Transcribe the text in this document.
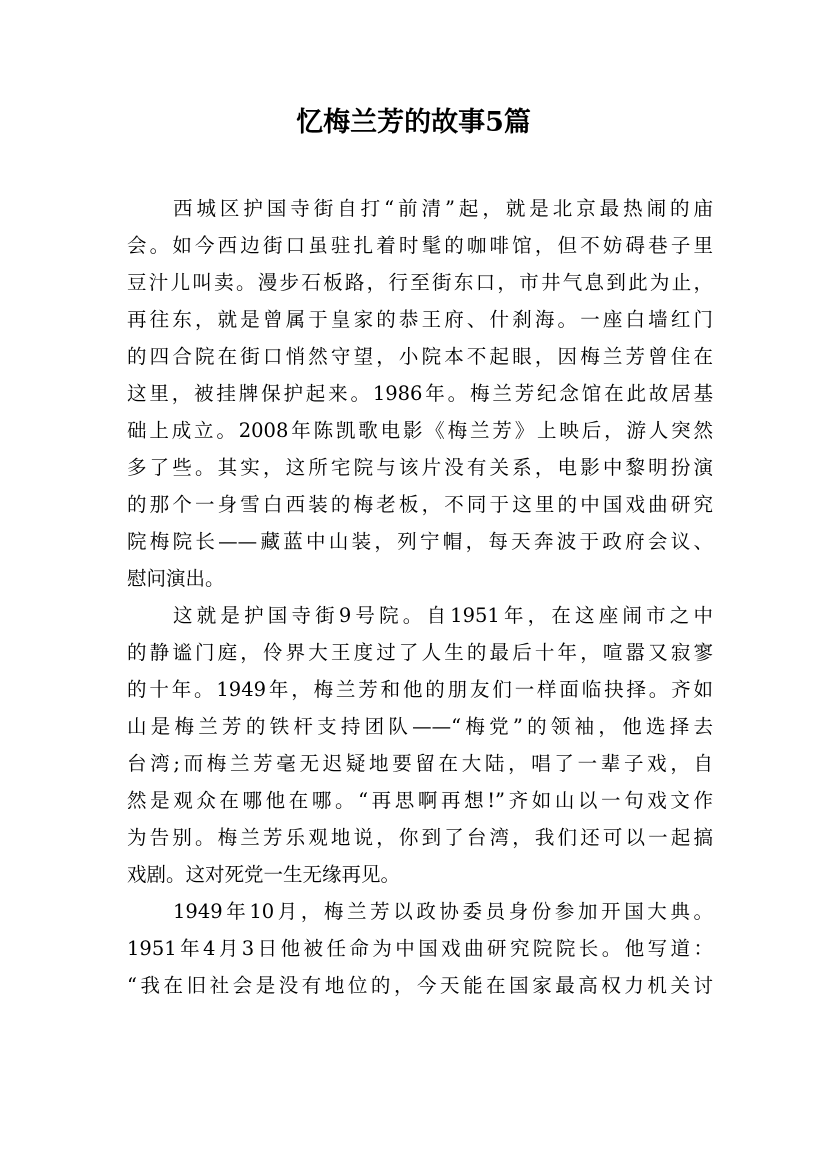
忆梅兰芳的故事5篇
西城区护国寺街自打“前清”起，就是北京最热闹的庙
会。如今西边街口虽驻扎着时髦的咖啡馆，但不妨碍巷子里
豆汁儿叫卖。漫步石板路，行至街东口，市井气息到此为止，
再往东，就是曾属于皇家的恭王府、什刹海。一座白墙红门
的四合院在街口悄然守望，小院本不起眼，因梅兰芳曾住在
这里，被挂牌保护起来。1986年。梅兰芳纪念馆在此故居基
础上成立。2008年陈凯歌电影《梅兰芳》上映后，游人突然
多了些。其实，这所宅院与该片没有关系，电影中黎明扮演
的那个一身雪白西装的梅老板，不同于这里的中国戏曲研究
院梅院长——藏蓝中山装，列宁帽，每天奔波于政府会议、
慰问演出。
这就是护国寺街9号院。自1951年，在这座闹市之中
的静谧门庭，伶界大王度过了人生的最后十年，喧嚣又寂寥
的十年。1949年，梅兰芳和他的朋友们一样面临抉择。齐如
山是梅兰芳的铁杆支持团队——“梅党”的领袖，他选择去
台湾;而梅兰芳毫无迟疑地要留在大陆，唱了一辈子戏，自
然是观众在哪他在哪。“再思啊再想!”齐如山以一句戏文作
为告别。梅兰芳乐观地说，你到了台湾，我们还可以一起搞
戏剧。这对死党一生无缘再见。
1949年10月，梅兰芳以政协委员身份参加开国大典。
1951年4月3日他被任命为中国戏曲研究院院长。他写道：
“我在旧社会是没有地位的，今天能在国家最高权力机关讨
